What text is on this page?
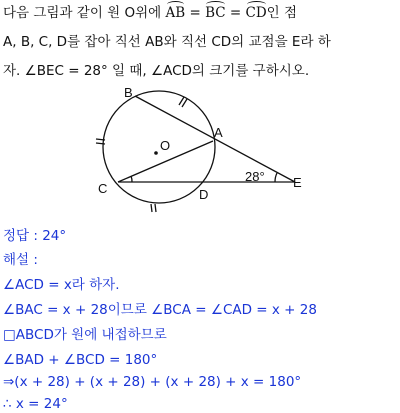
다음 그림과 같이 원 O위에 AB = BC = CD인 점
A, B, C, D를 잡아 직선 AB와 직선 CD의 교점을 E라 하
자. ∠BEC = 28° 일 때, ∠ACD의 크기를 구하시오.
B
A
O
C	D
E
28°
정답 : 24°
해설 :
∠ACD = x라 하자.
∠BAC = x + 28이므로 ∠BCA = ∠CAD = x + 28
□ABCD가 원에 내접하므로
∠BAD + ∠BCD = 180°
⇒(x + 28) + (x + 28) + (x + 28) + x = 180°
∴ x = 24°
